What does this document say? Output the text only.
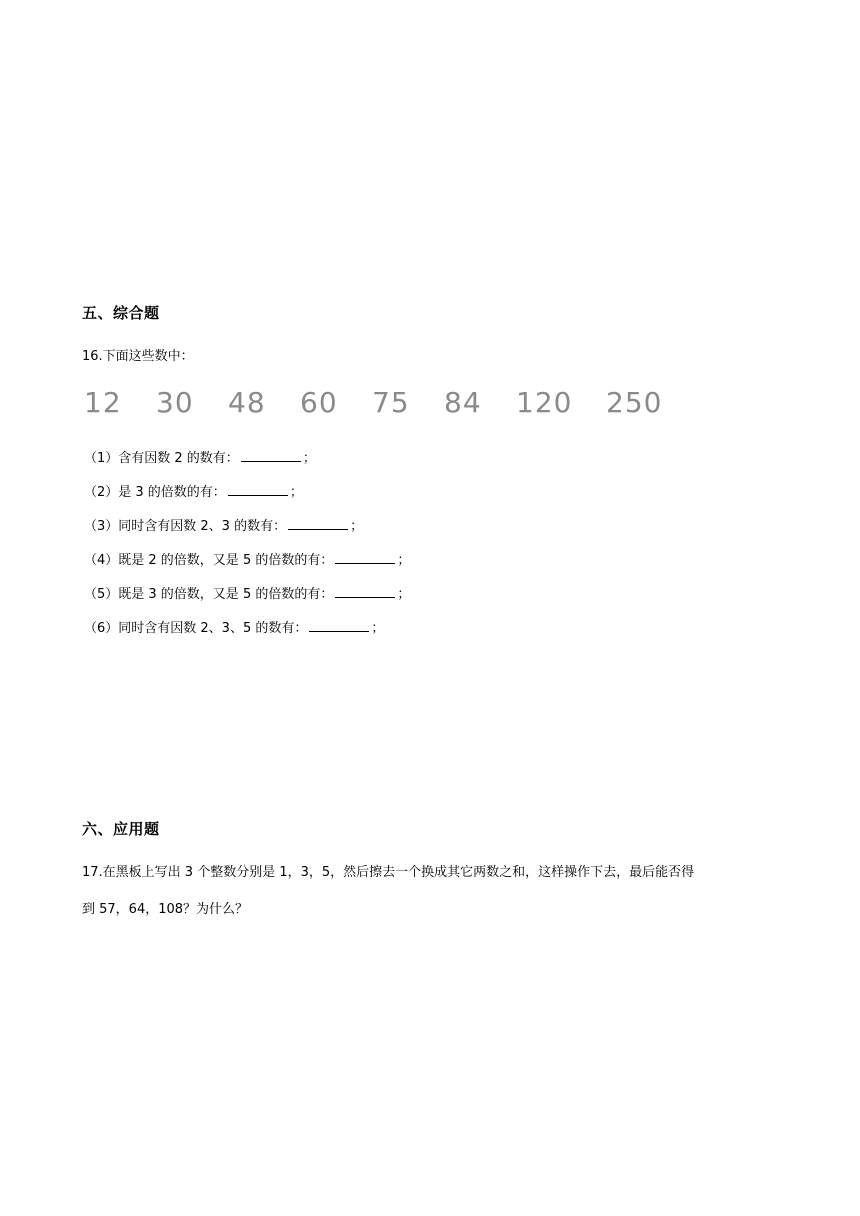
五、综合题

16.下面这些数中：

12 30 48 60 75 84 120 250

（1）含有因数 2 的数有：	；

（2）是 3 的倍数的有：	；

（3）同时含有因数 2、3 的数有：	；

（4）既是 2 的倍数，又是 5 的倍数的有：	；

（5）既是 3 的倍数，又是 5 的倍数的有：	；

（6）同时含有因数 2、3、5 的数有：	；

六、应用题

17.在黑板上写出 3 个整数分别是 1，3，5，然后擦去一个换成其它两数之和，这样操作下去，最后能否得

到 57，64，108？为什么？
